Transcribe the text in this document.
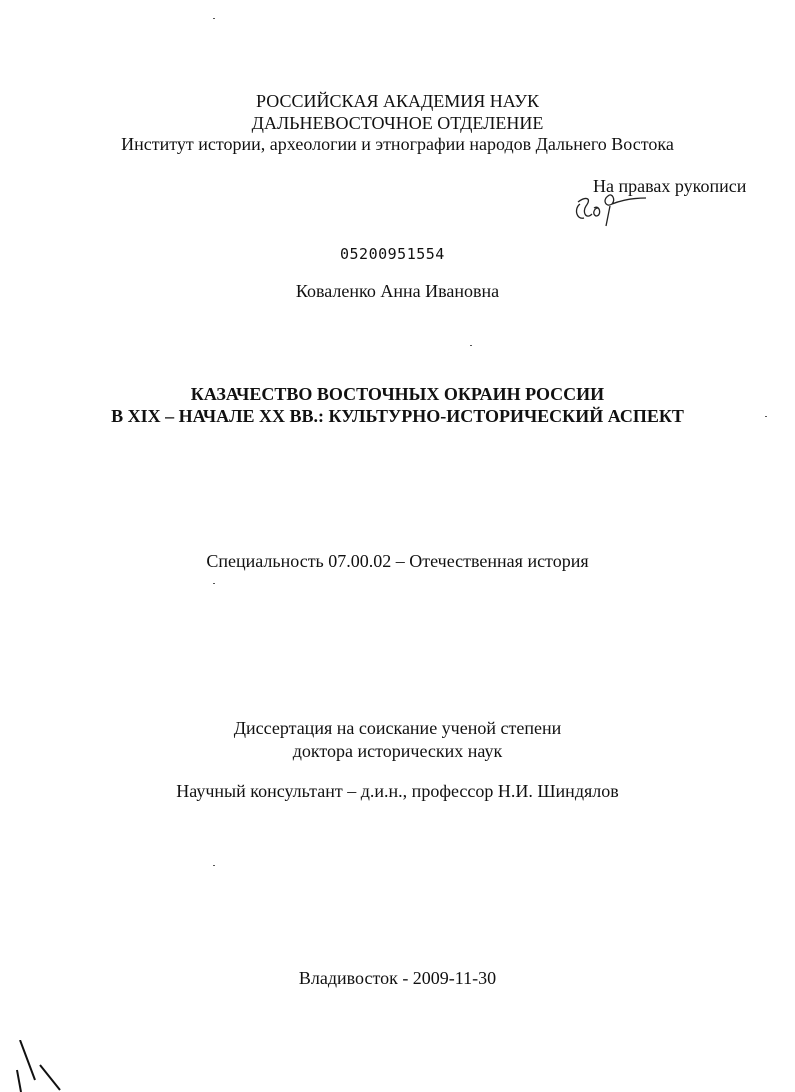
РОССИЙСКАЯ АКАДЕМИЯ НАУК
ДАЛЬНЕВОСТОЧНОЕ ОТДЕЛЕНИЕ
Институт истории, археологии и этнографии народов Дальнего Востока
На правах рукописи
05200951554
Коваленко Анна Ивановна
КАЗАЧЕСТВО ВОСТОЧНЫХ ОКРАИН РОССИИ
В XIX – НАЧАЛЕ XX ВВ.: КУЛЬТУРНО-ИСТОРИЧЕСКИЙ АСПЕКТ
Специальность 07.00.02 – Отечественная история
Диссертация на соискание ученой степени
доктора исторических наук
Научный консультант – д.и.н., профессор Н.И. Шиндялов
Владивосток - 2009-11-30
